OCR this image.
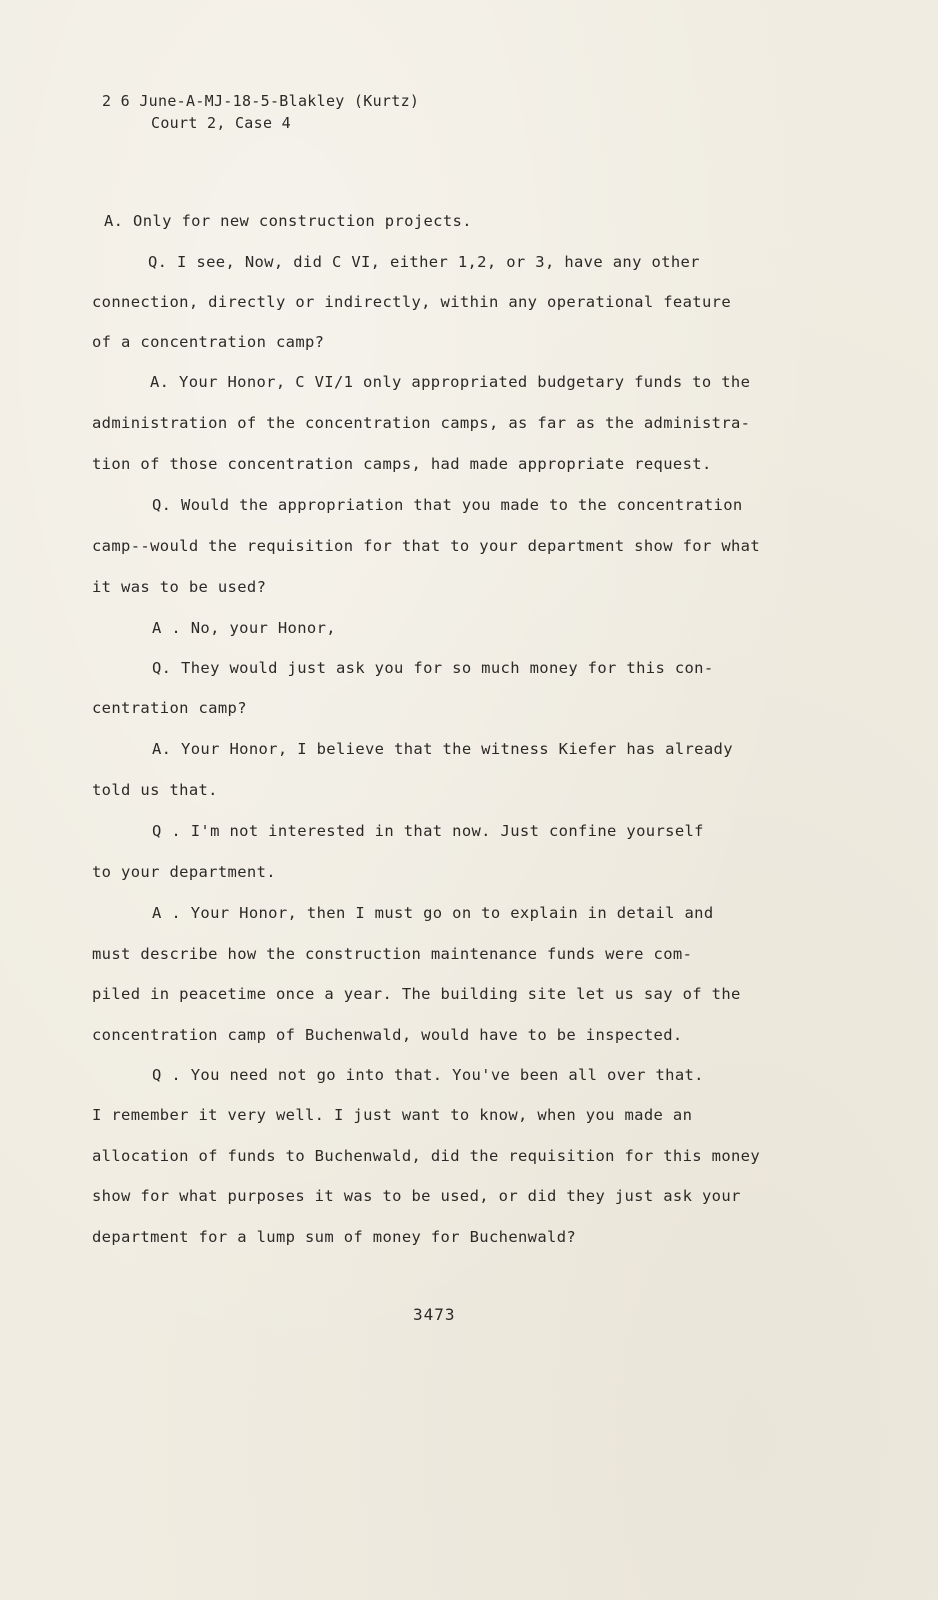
2 6 June-A-MJ-18-5-Blakley (Kurtz)
Court 2, Case 4
A. Only for new construction projects.
Q. I see, Now, did C VI, either 1,2, or 3, have any other
connection, directly or indirectly, within any operational feature
of a concentration camp?
A. Your Honor, C VI/1 only appropriated budgetary funds to the
administration of the concentration camps, as far as the administra-
tion of those concentration camps, had made appropriate request.
Q. Would the appropriation that you made to the concentration
camp--would the requisition for that to your department show for what
it was to be used?
A . No, your Honor,
Q. They would just ask you for so much money for this con-
centration camp?
A. Your Honor, I believe that the witness Kiefer has already
told us that.
Q . I'm not interested in that now. Just confine yourself
to your department.
A . Your Honor, then I must go on to explain in detail and
must describe how the construction maintenance funds were com-
piled in peacetime once a year. The building site let us say of the
concentration camp of Buchenwald, would have to be inspected.
Q . You need not go into that. You've been all over that.
I remember it very well. I just want to know, when you made an
allocation of funds to Buchenwald, did the requisition for this money
show for what purposes it was to be used, or did they just ask your
department for a lump sum of money for Buchenwald?
3473
